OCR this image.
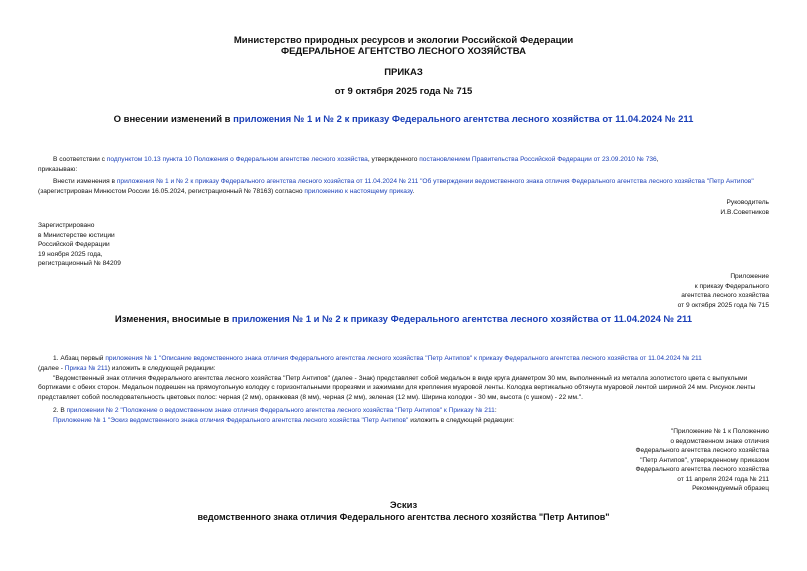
Министерство природных ресурсов и экологии Российской Федерации
ФЕДЕРАЛЬНОЕ АГЕНТСТВО ЛЕСНОГО ХОЗЯЙСТВА
ПРИКАЗ
от 9 октября 2025 года № 715
О внесении изменений в приложения № 1 и № 2 к приказу Федерального агентства лесного хозяйства от 11.04.2024 № 211
В соответствии с подпунктом 10.13 пункта 10 Положения о Федеральном агентстве лесного хозяйства, утвержденного постановлением Правительства Российской Федерации от 23.09.2010 № 736,
приказываю:
Внести изменения в приложения № 1 и № 2 к приказу Федерального агентства лесного хозяйства от 11.04.2024 № 211 "Об утверждении ведомственного знака отличия Федерального агентства лесного хозяйства "Петр Антипов" (зарегистрирован Минюстом России 16.05.2024, регистрационный № 78163) согласно приложению к настоящему приказу.
Руководитель
И.В.Советников
Зарегистрировано
в Министерстве юстиции
Российской Федерации
19 ноября 2025 года,
регистрационный № 84209
Приложение
к приказу Федерального
агентства лесного хозяйства
от 9 октября 2025 года № 715
Изменения, вносимые в приложения № 1 и № 2 к приказу Федерального агентства лесного хозяйства от 11.04.2024 № 211
1. Абзац первый приложения № 1 "Описание ведомственного знака отличия Федерального агентства лесного хозяйства "Петр Антипов" к приказу Федерального агентства лесного хозяйства от 11.04.2024 № 211
(далее - Приказ № 211) изложить в следующей редакции:
"Ведомственный знак отличия Федерального агентства лесного хозяйства "Петр Антипов" (далее - Знак) представляет собой медальон в виде круга диаметром 30 мм, выполненный из металла золотистого цвета с выпуклыми бортиками с обеих сторон. Медальон подвешен на прямоугольную колодку с горизонтальными прорезями и зажимами для крепления муаровой ленты. Колодка вертикально обтянута муаровой лентой шириной 24 мм. Рисунок ленты представляет собой последовательность цветовых полос: черная (2 мм), оранжевая (8 мм), черная (2 мм), зеленая (12 мм). Ширина колодки - 30 мм, высота (с ушком) - 22 мм.".
2. В приложении № 2 "Положение о ведомственном знаке отличия Федерального агентства лесного хозяйства "Петр Антипов" к Приказу № 211:
Приложение № 1 "Эскиз ведомственного знака отличия Федерального агентства лесного хозяйства "Петр Антипов" изложить в следующей редакции:
"Приложение № 1 к Положению
о ведомственном знаке отличия
Федерального агентства лесного хозяйства
"Петр Антипов", утвержденному приказом
Федерального агентства лесного хозяйства
от 11 апреля 2024 года № 211
Рекомендуемый образец
Эскиз
ведомственного знака отличия Федерального агентства лесного хозяйства "Петр Антипов"
